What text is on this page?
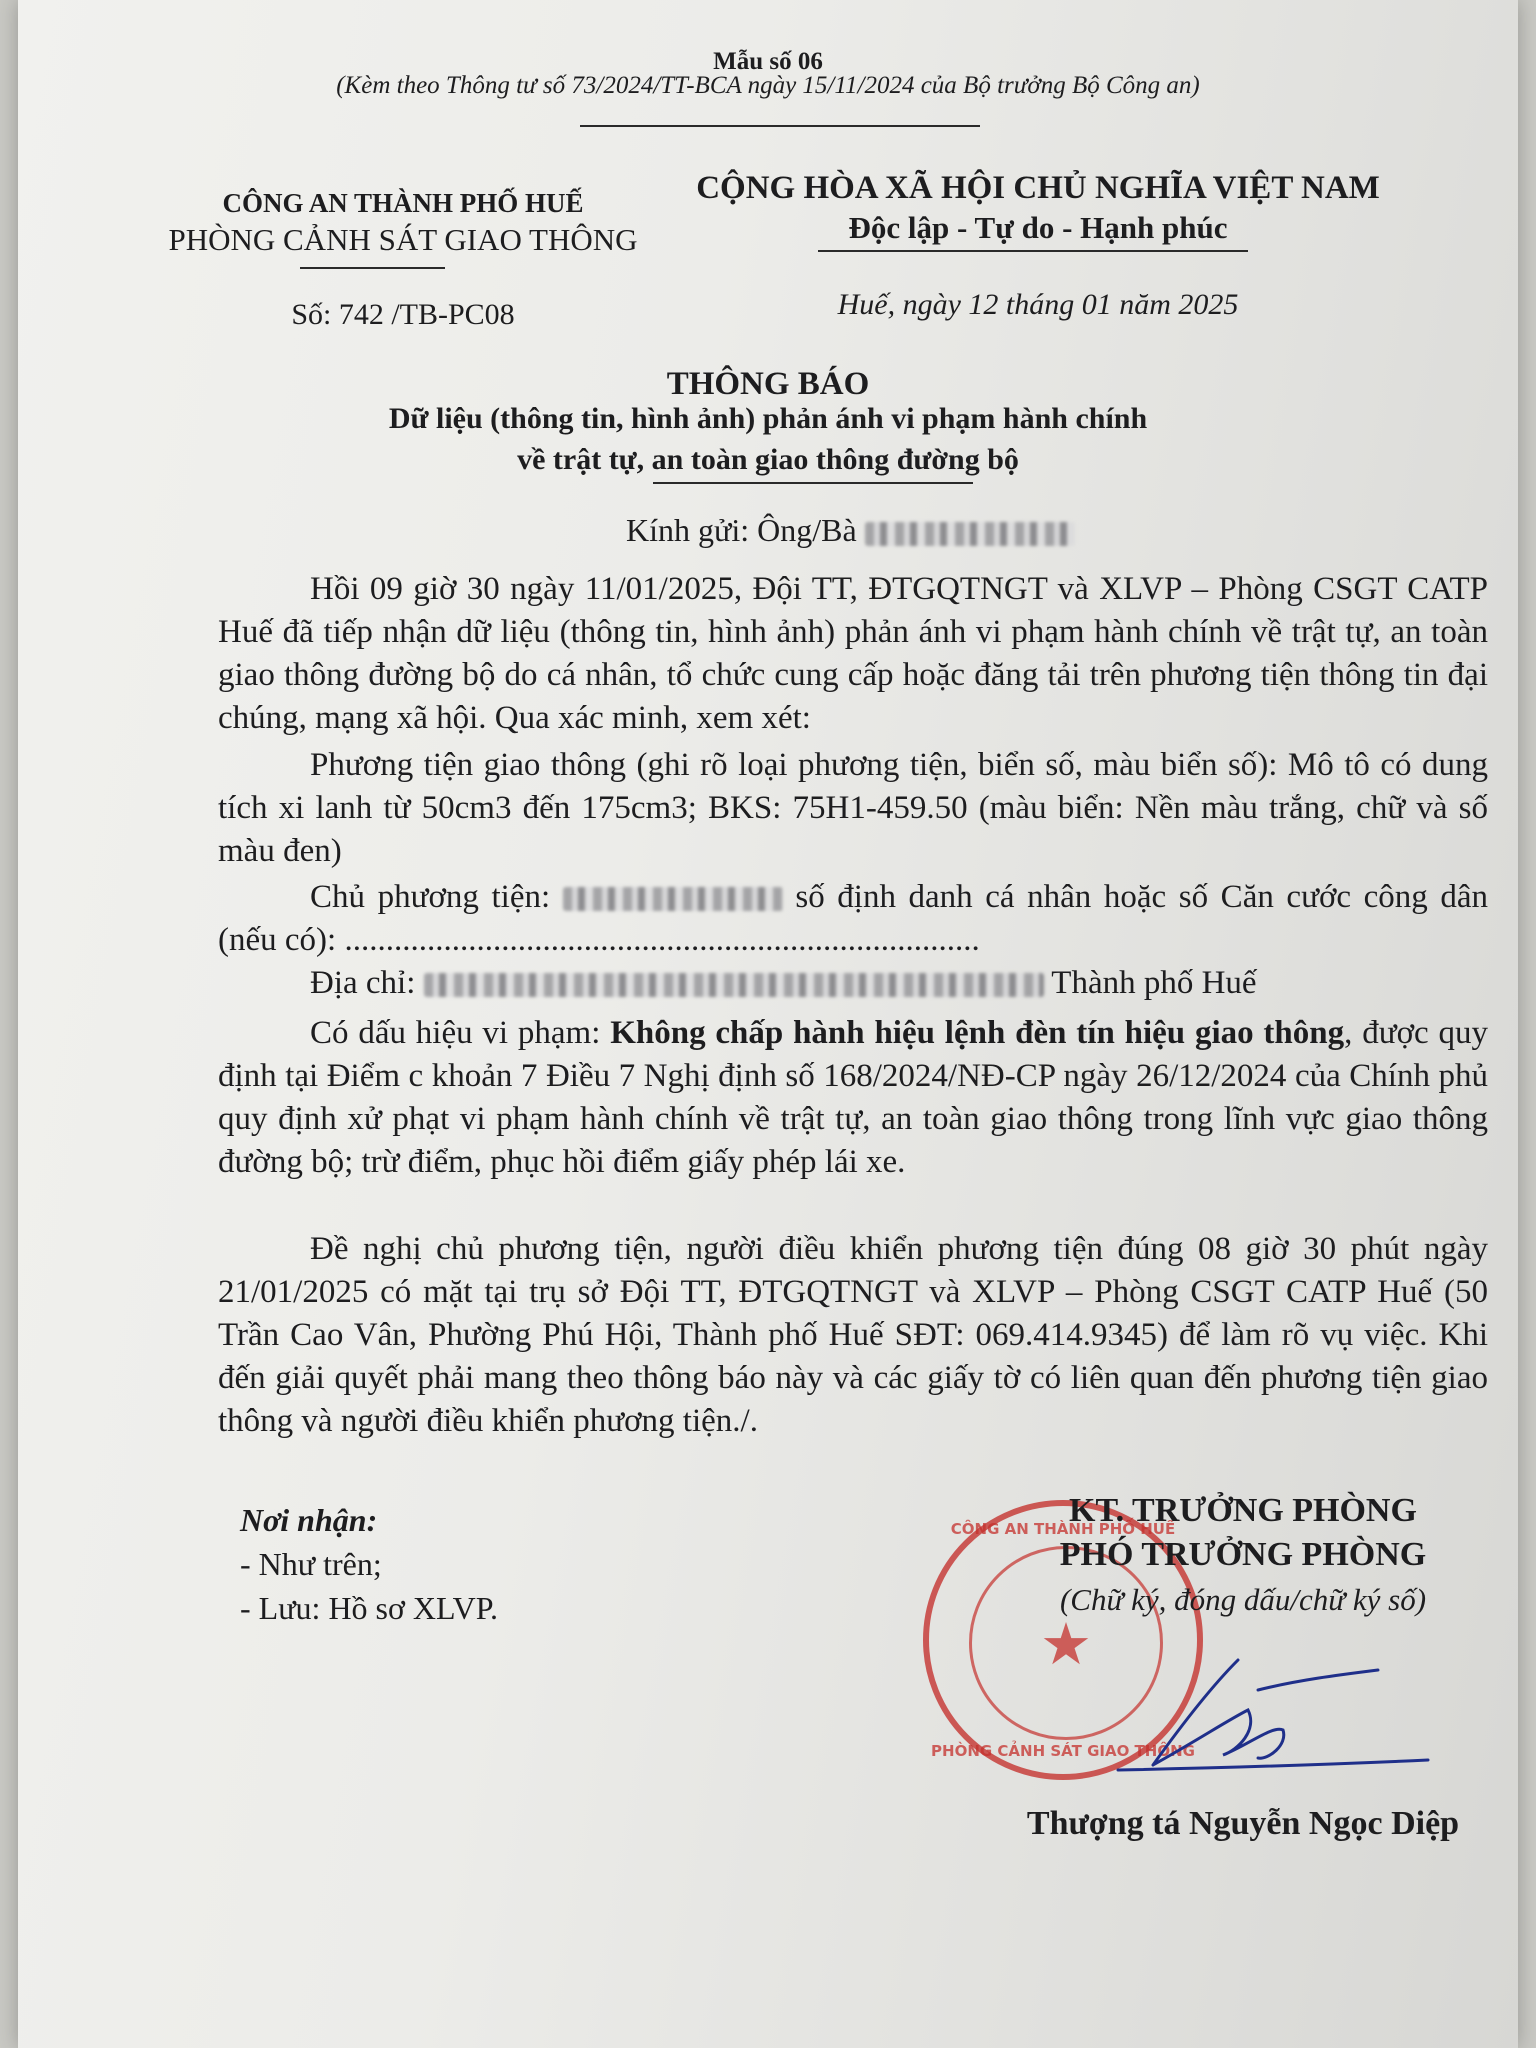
Mẫu số 06
(Kèm theo Thông tư số 73/2024/TT-BCA ngày 15/11/2024 của Bộ trưởng Bộ Công an)
CÔNG AN THÀNH PHỐ HUẾ
PHÒNG CẢNH SÁT GIAO THÔNG
Số: 742 /TB-PC08
CỘNG HÒA XÃ HỘI CHỦ NGHĨA VIỆT NAM
Độc lập - Tự do - Hạnh phúc
Huế, ngày 12 tháng 01 năm 2025
THÔNG BÁO
Dữ liệu (thông tin, hình ảnh) phản ánh vi phạm hành chính
về trật tự, an toàn giao thông đường bộ
Kính gửi: Ông/Bà
Hồi 09 giờ 30 ngày 11/01/2025, Đội TT, ĐTGQTNGT và XLVP – Phòng CSGT CATP Huế đã tiếp nhận dữ liệu (thông tin, hình ảnh) phản ánh vi phạm hành chính về trật tự, an toàn giao thông đường bộ do cá nhân, tổ chức cung cấp hoặc đăng tải trên phương tiện thông tin đại chúng, mạng xã hội. Qua xác minh, xem xét:
Phương tiện giao thông (ghi rõ loại phương tiện, biển số, màu biển số): Mô tô có dung tích xi lanh từ 50cm3 đến 175cm3; BKS: 75H1-459.50 (màu biển: Nền màu trắng, chữ và số màu đen)
Chủ phương tiện:	số định danh cá nhân hoặc số Căn cước công dân (nếu có): .............................................................................
Địa chỉ:	Thành phố Huế
Có dấu hiệu vi phạm: Không chấp hành hiệu lệnh đèn tín hiệu giao thông, được quy định tại Điểm c khoản 7 Điều 7 Nghị định số 168/2024/NĐ-CP ngày 26/12/2024 của Chính phủ quy định xử phạt vi phạm hành chính về trật tự, an toàn giao thông trong lĩnh vực giao thông đường bộ; trừ điểm, phục hồi điểm giấy phép lái xe.
Đề nghị chủ phương tiện, người điều khiển phương tiện đúng 08 giờ 30 phút ngày 21/01/2025 có mặt tại trụ sở Đội TT, ĐTGQTNGT và XLVP – Phòng CSGT CATP Huế (50 Trần Cao Vân, Phường Phú Hội, Thành phố Huế SĐT: 069.414.9345) để làm rõ vụ việc. Khi đến giải quyết phải mang theo thông báo này và các giấy tờ có liên quan đến phương tiện giao thông và người điều khiển phương tiện./.
Nơi nhận:
- Như trên;
- Lưu: Hồ sơ XLVP.
CÔNG AN THÀNH PHỐ HUẾ
★
PHÒNG CẢNH SÁT GIAO THÔNG
KT. TRƯỞNG PHÒNG
PHÓ TRƯỞNG PHÒNG
(Chữ ký, đóng dấu/chữ ký số)
Thượng tá Nguyễn Ngọc Diệp
